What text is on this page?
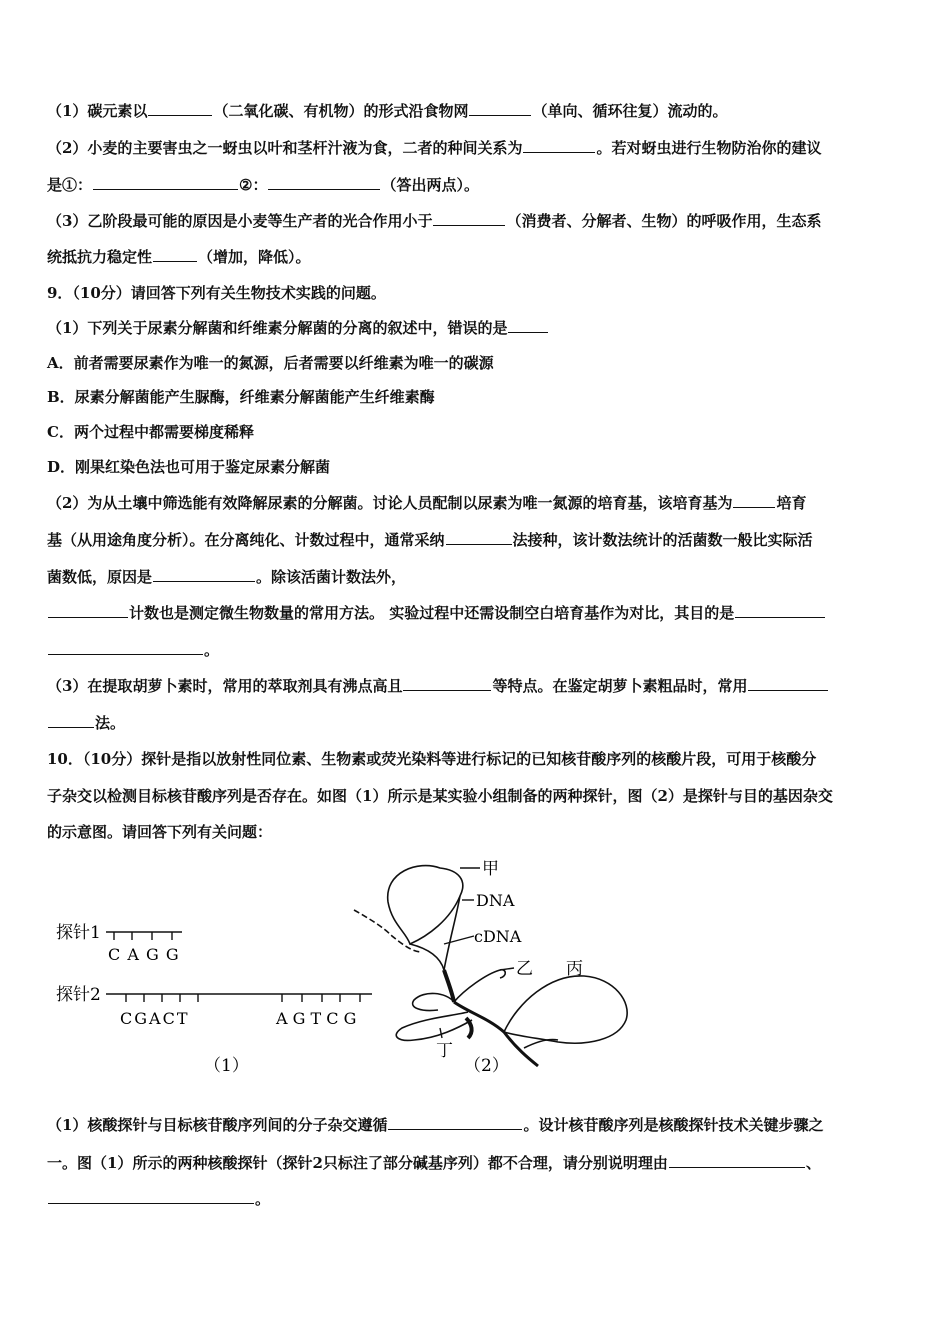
（1）碳元素以	（二氧化碳、有机物）的形式沿食物网	（单向、循环往复）流动的。
（2）小麦的主要害虫之一蚜虫以叶和茎杆汁液为食，二者的种间关系为	。若对蚜虫进行生物防治你的建议
是①：	②：	（答出两点）。
（3）乙阶段最可能的原因是小麦等生产者的光合作用小于	（消费者、分解者、生物）的呼吸作用，生态系
统抵抗力稳定性	（增加，降低）。
9．（10分）请回答下列有关生物技术实践的问题。
（1）下列关于尿素分解菌和纤维素分解菌的分离的叙述中，错误的是
A．前者需要尿素作为唯一的氮源，后者需要以纤维素为唯一的碳源
B．尿素分解菌能产生脲酶，纤维素分解菌能产生纤维素酶
C．两个过程中都需要梯度稀释
D．刚果红染色法也可用于鉴定尿素分解菌
（2）为从土壤中筛选能有效降解尿素的分解菌。讨论人员配制以尿素为唯一氮源的培育基，该培育基为	培育
基（从用途角度分析）。在分离纯化、计数过程中，通常采纳	法接种，该计数法统计的活菌数一般比实际活
菌数低，原因是	。除该活菌计数法外，
计数也是测定微生物数量的常用方法。 实验过程中还需设制空白培育基作为对比，其目的是
。
（3）在提取胡萝卜素时，常用的萃取剂具有沸点高且	等特点。在鉴定胡萝卜素粗品时，常用
法。
10．（10分）探针是指以放射性同位素、生物素或荧光染料等进行标记的已知核苷酸序列的核酸片段，可用于核酸分
子杂交以检测目标核苷酸序列是否存在。如图（1）所示是某实验小组制备的两种探针，图（2）是探针与目的基因杂交
的示意图。请回答下列有关问题：
探针1
C A G G
探针2
CGACT	A G T C G
（1）
甲
DNA
cDNA
乙 丙
丁
（2）
（1）核酸探针与目标核苷酸序列间的分子杂交遵循	。设计核苷酸序列是核酸探针技术关键步骤之
一。图（1）所示的两种核酸探针（探针2只标注了部分碱基序列）都不合理，请分别说明理由	、
。
